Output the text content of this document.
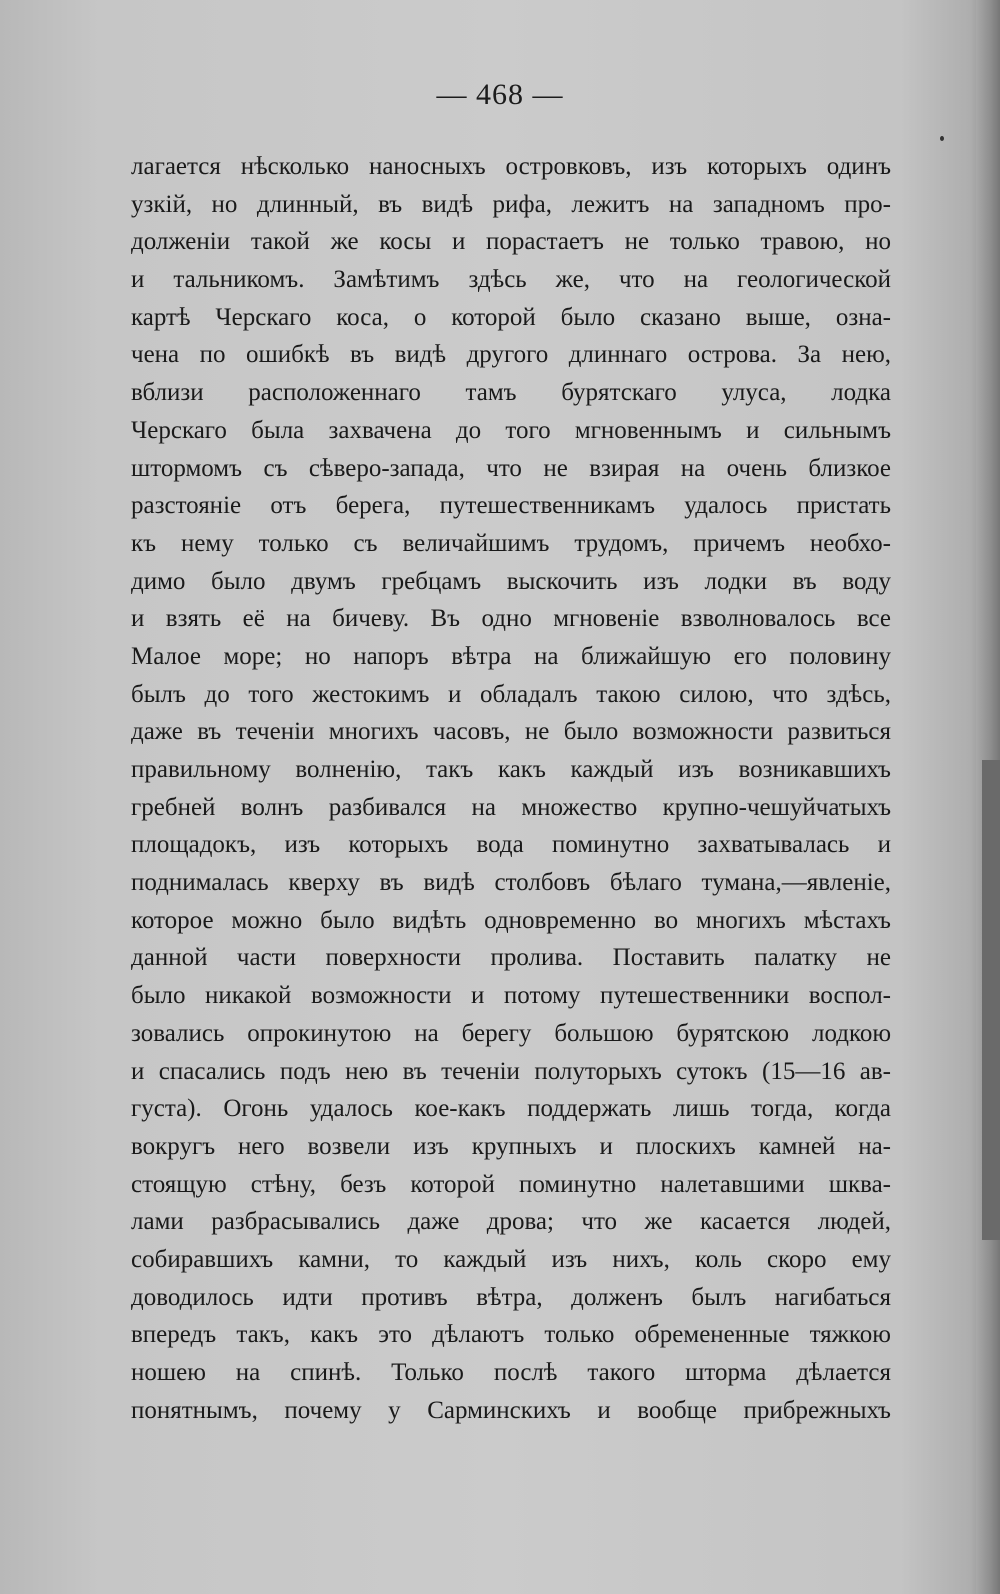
— 468 —
лагается нѣсколько наносныхъ островковъ, изъ которыхъ одинъ
узкій, но длинный, въ видѣ рифа, лежитъ на западномъ про-
долженіи такой же косы и порастаетъ не только травою, но
и тальникомъ. Замѣтимъ здѣсь же, что на геологической
картѣ Черскаго коса, о которой было сказано выше, озна-
чена по ошибкѣ въ видѣ другого длиннаго острова. За нею,
вблизи расположеннаго тамъ бурятскаго улуса, лодка
Черскаго была захвачена до того мгновеннымъ и сильнымъ
штормомъ съ сѣверо-запада, что не взирая на очень близкое
разстояніе отъ берега, путешественникамъ удалось пристать
къ нему только съ величайшимъ трудомъ, причемъ необхо-
димо было двумъ гребцамъ выскочить изъ лодки въ воду
и взять её на бичеву. Въ одно мгновеніе взволновалось все
Малое море; но напоръ вѣтра на ближайшую его половину
былъ до того жестокимъ и обладалъ такою силою, что здѣсь,
даже въ теченіи многихъ часовъ, не было возможности развиться
правильному волненію, такъ какъ каждый изъ возникавшихъ
гребней волнъ разбивался на множество крупно-чешуйчатыхъ
площадокъ, изъ которыхъ вода поминутно захватывалась и
поднималась кверху въ видѣ столбовъ бѣлаго тумана,—явленіе,
которое можно было видѣть одновременно во многихъ мѣстахъ
данной части поверхности пролива. Поставить палатку не
было никакой возможности и потому путешественники воспол-
зовались опрокинутою на берегу большою бурятскою лодкою
и спасались подъ нею въ теченіи полуторыхъ сутокъ (15—16 ав-
густа). Огонь удалось кое-какъ поддержать лишь тогда, когда
вокругъ него возвели изъ крупныхъ и плоскихъ камней на-
стоящую стѣну, безъ которой поминутно налетавшими шква-
лами разбрасывались даже дрова; что же касается людей,
собиравшихъ камни, то каждый изъ нихъ, коль скоро ему
доводилось идти противъ вѣтра, долженъ былъ нагибаться
впередъ такъ, какъ это дѣлаютъ только обремененные тяжкою
ношею на спинѣ. Только послѣ такого шторма дѣлается
понятнымъ, почему у Сарминскихъ и вообще прибрежныхъ
